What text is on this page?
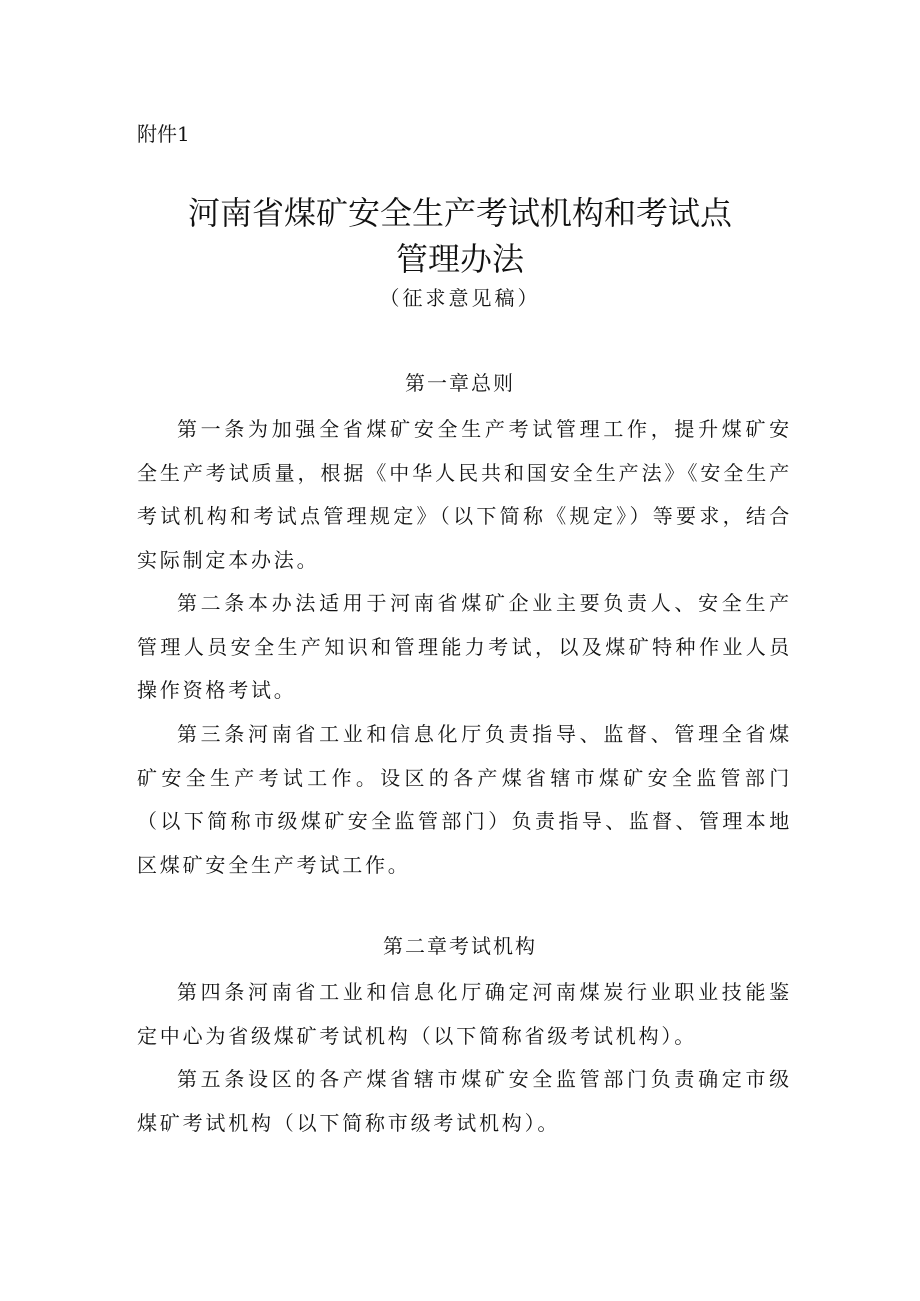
附件1
河南省煤矿安全生产考试机构和考试点
管理办法
（征求意见稿）
第一章总则
第一条为加强全省煤矿安全生产考试管理工作，提升煤矿安全生产考试质量，根据《中华人民共和国安全生产法》《安全生产考试机构和考试点管理规定》（以下简称《规定》）等要求，结合实际制定本办法。
第二条本办法适用于河南省煤矿企业主要负责人、安全生产管理人员安全生产知识和管理能力考试，以及煤矿特种作业人员操作资格考试。
第三条河南省工业和信息化厅负责指导、监督、管理全省煤矿安全生产考试工作。设区的各产煤省辖市煤矿安全监管部门（以下简称市级煤矿安全监管部门）负责指导、监督、管理本地区煤矿安全生产考试工作。
第二章考试机构
第四条河南省工业和信息化厅确定河南煤炭行业职业技能鉴定中心为省级煤矿考试机构（以下简称省级考试机构）。
第五条设区的各产煤省辖市煤矿安全监管部门负责确定市级煤矿考试机构（以下简称市级考试机构）。
